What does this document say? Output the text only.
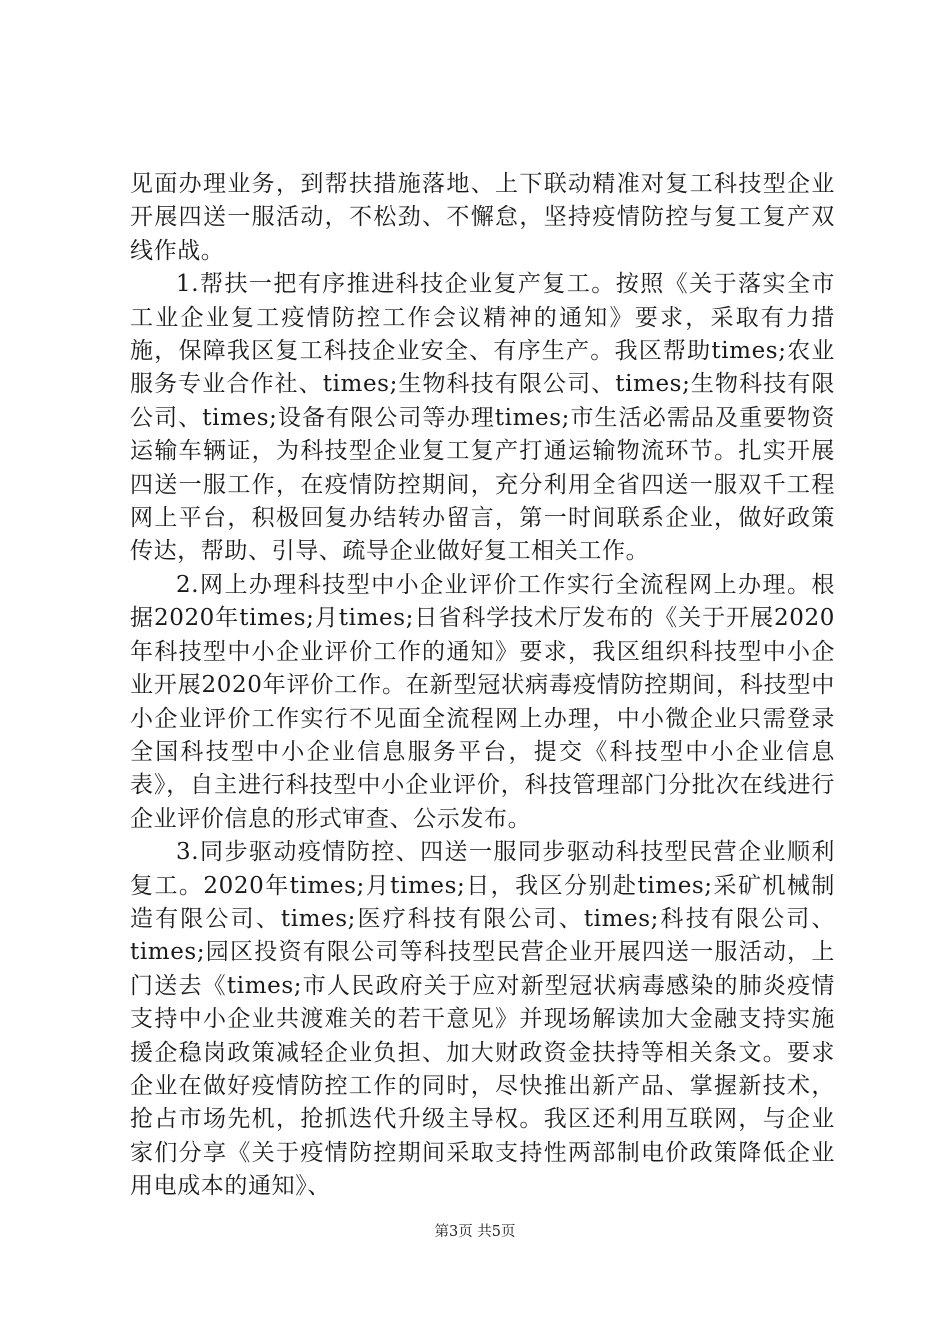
见面办理业务，到帮扶措施落地、上下联动精准对复工科技型企业开展四送一服活动，不松劲、不懈怠，坚持疫情防控与复工复产双线作战。

1.帮扶一把有序推进科技企业复产复工。按照《关于落实全市工业企业复工疫情防控工作会议精神的通知》要求，采取有力措施，保障我区复工科技企业安全、有序生产。我区帮助times;农业服务专业合作社、times;生物科技有限公司、times;生物科技有限公司、times;设备有限公司等办理times;市生活必需品及重要物资运输车辆证，为科技型企业复工复产打通运输物流环节。扎实开展四送一服工作，在疫情防控期间，充分利用全省四送一服双千工程网上平台，积极回复办结转办留言，第一时间联系企业，做好政策传达，帮助、引导、疏导企业做好复工相关工作。

2.网上办理科技型中小企业评价工作实行全流程网上办理。根据2020年times;月times;日省科学技术厅发布的《关于开展2020年科技型中小企业评价工作的通知》要求，我区组织科技型中小企业开展2020年评价工作。在新型冠状病毒疫情防控期间，科技型中小企业评价工作实行不见面全流程网上办理，中小微企业只需登录全国科技型中小企业信息服务平台，提交《科技型中小企业信息表》，自主进行科技型中小企业评价，科技管理部门分批次在线进行企业评价信息的形式审查、公示发布。

3.同步驱动疫情防控、四送一服同步驱动科技型民营企业顺利复工。2020年times;月times;日，我区分别赴times;采矿机械制造有限公司、times;医疗科技有限公司、times;科技有限公司、times;园区投资有限公司等科技型民营企业开展四送一服活动，上门送去《times;市人民政府关于应对新型冠状病毒感染的肺炎疫情支持中小企业共渡难关的若干意见》并现场解读加大金融支持实施援企稳岗政策减轻企业负担、加大财政资金扶持等相关条文。要求企业在做好疫情防控工作的同时，尽快推出新产品、掌握新技术，抢占市场先机，抢抓迭代升级主导权。我区还利用互联网，与企业家们分享《关于疫情防控期间采取支持性两部制电价政策降低企业用电成本的通知》、

第3页 共5页
